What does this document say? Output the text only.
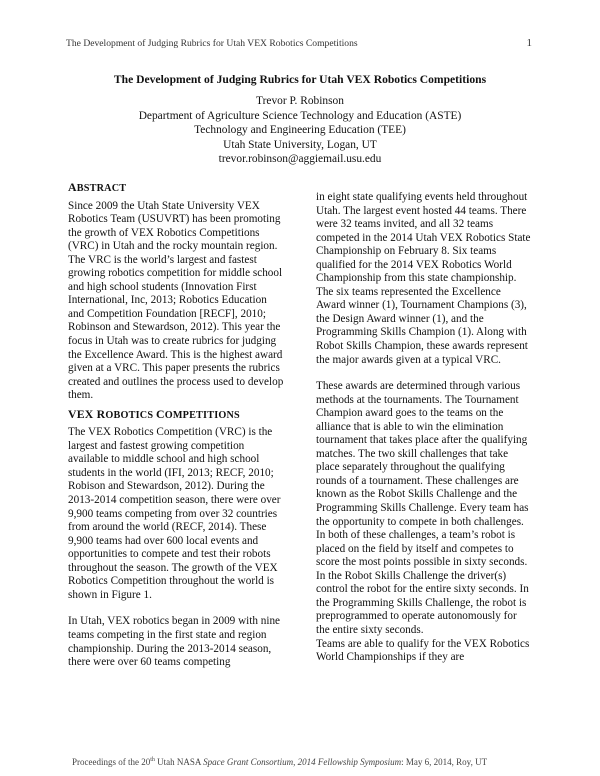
The Development of Judging Rubrics for Utah VEX Robotics Competitions	1
The Development of Judging Rubrics for Utah VEX Robotics Competitions
Trevor P. Robinson
Department of Agriculture Science Technology and Education (ASTE)
Technology and Engineering Education (TEE)
Utah State University, Logan, UT
trevor.robinson@aggiemail.usu.edu
ABSTRACT

Since 2009 the Utah State University VEX Robotics Team (USUVRT) has been promoting the growth of VEX Robotics Competitions (VRC) in Utah and the rocky mountain region. The VRC is the world’s largest and fastest growing robotics competition for middle school and high school students (Innovation First International, Inc, 2013; Robotics Education and Competition Foundation [RECF], 2010; Robinson and Stewardson, 2012). This year the focus in Utah was to create rubrics for judging the Excellence Award. This is the highest award given at a VRC. This paper presents the rubrics created and outlines the process used to develop them.

VEX ROBOTICS COMPETITIONS

The VEX Robotics Competition (VRC) is the largest and fastest growing competition available to middle school and high school students in the world (IFI, 2013; RECF, 2010; Robison and Stewardson, 2012). During the 2013-2014 competition season, there were over 9,900 teams competing from over 32 countries from around the world (RECF, 2014). These 9,900 teams had over 600 local events and opportunities to compete and test their robots throughout the season. The growth of the VEX Robotics Competition throughout the world is shown in Figure 1.

In Utah, VEX robotics began in 2009 with nine teams competing in the first state and region championship. During the 2013-2014 season, there were over 60 teams competing

in eight state qualifying events held throughout Utah. The largest event hosted 44 teams. There were 32 teams invited, and all 32 teams competed in the 2014 Utah VEX Robotics State Championship on February 8. Six teams qualified for the 2014 VEX Robotics World Championship from this state championship. The six teams represented the Excellence Award winner (1), Tournament Champions (3), the Design Award winner (1), and the Programming Skills Champion (1). Along with Robot Skills Champion, these awards represent the major awards given at a typical VRC.

These awards are determined through various methods at the tournaments. The Tournament Champion award goes to the teams on the alliance that is able to win the elimination tournament that takes place after the qualifying matches. The two skill challenges that take place separately throughout the qualifying rounds of a tournament. These challenges are known as the Robot Skills Challenge and the Programming Skills Challenge. Every team has the opportunity to compete in both challenges. In both of these challenges, a team’s robot is placed on the field by itself and competes to score the most points possible in sixty seconds. In the Robot Skills Challenge the driver(s) control the robot for the entire sixty seconds. In the Programming Skills Challenge, the robot is preprogrammed to operate autonomously for the entire sixty seconds.

Teams are able to qualify for the VEX Robotics World Championships if they are

Proceedings of the 20th Utah NASA Space Grant Consortium, 2014 Fellowship Symposium: May 6, 2014, Roy, UT
